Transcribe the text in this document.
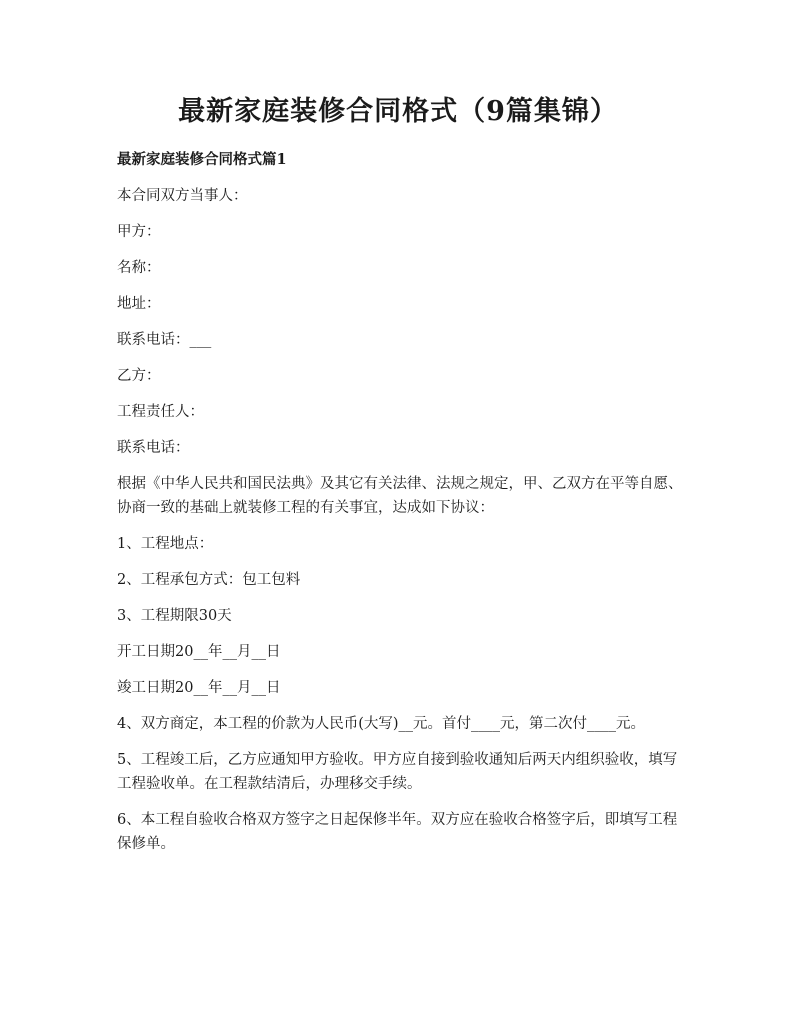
最新家庭装修合同格式（9篇集锦）

最新家庭装修合同格式篇1

本合同双方当事人：

甲方：

名称：

地址：

联系电话：___

乙方：

工程责任人：

联系电话：

根据《中华人民共和国民法典》及其它有关法律、法规之规定，甲、乙双方在平等自愿、协商一致的基础上就装修工程的有关事宜，达成如下协议：

1、工程地点：

2、工程承包方式：包工包料

3、工程期限30天

开工日期20__年__月__日

竣工日期20__年__月__日

4、双方商定，本工程的价款为人民币(大写)__元。首付____元，第二次付____元。

5、工程竣工后，乙方应通知甲方验收。甲方应自接到验收通知后两天内组织验收，填写工程验收单。在工程款结清后，办理移交手续。

6、本工程自验收合格双方签字之日起保修半年。双方应在验收合格签字后，即填写工程保修单。
